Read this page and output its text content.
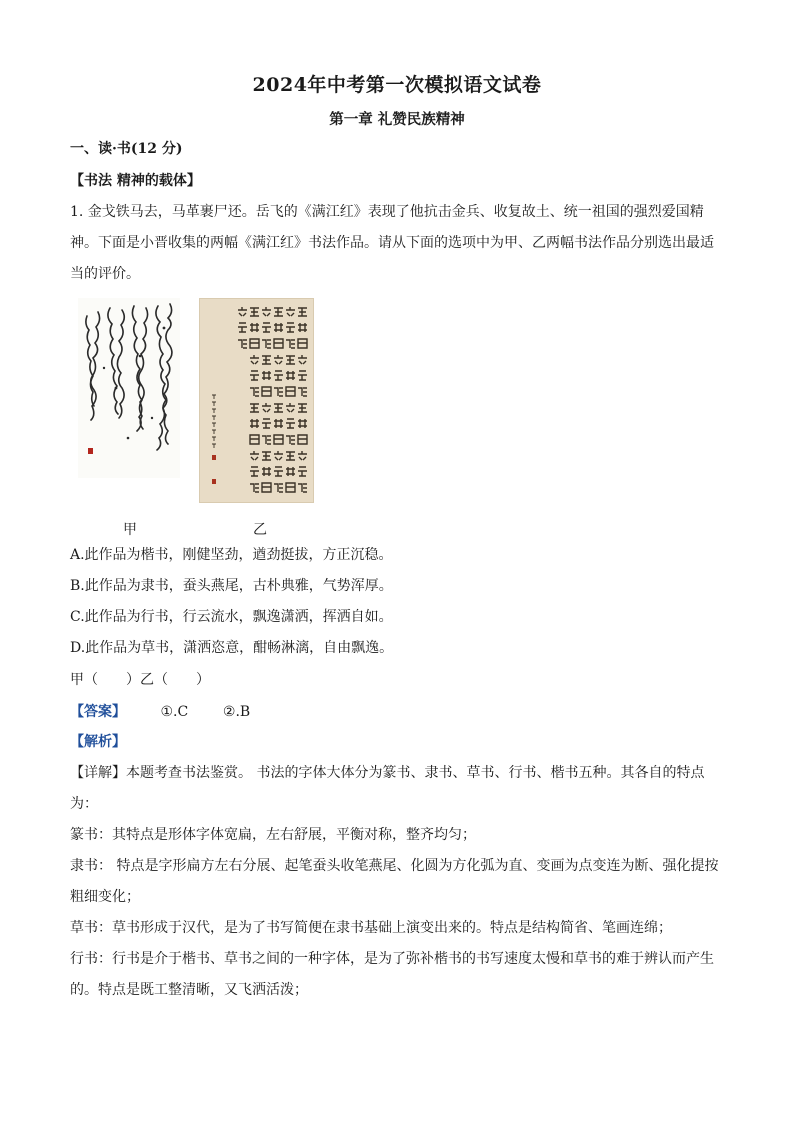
2024年中考第一次模拟语文试卷
第一章 礼赞民族精神
一、读·书(12 分)
【书法 精神的载体】
1. 金戈铁马去，马革裹尸还。岳飞的《满江红》表现了他抗击金兵、收复故土、统一祖国的强烈爱国精
神。下面是小晋收集的两幅《满江红》书法作品。请从下面的选项中为甲、乙两幅书法作品分别选出最适
当的评价。
甲	乙
A.此作品为楷书，刚健坚劲，遒劲挺拔，方正沉稳。
B.此作品为隶书，蚕头燕尾，古朴典雅，气势浑厚。
C.此作品为行书，行云流水，飘逸潇洒，挥洒自如。
D.此作品为草书，潇洒恣意，酣畅淋漓，自由飘逸。
甲（　　）乙（　　）
【答案】 ①.C ②.B
【解析】
【详解】本题考查书法鉴赏。 书法的字体大体分为篆书、隶书、草书、行书、楷书五种。其各自的特点
为：
篆书：其特点是形体字体宽扁，左右舒展，平衡对称，整齐均匀；
隶书： 特点是字形扁方左右分展、起笔蚕头收笔燕尾、化圆为方化弧为直、变画为点变连为断、强化提按
粗细变化；
草书：草书形成于汉代，是为了书写简便在隶书基础上演变出来的。特点是结构简省、笔画连绵；
行书：行书是介于楷书、草书之间的一种字体，是为了弥补楷书的书写速度太慢和草书的难于辨认而产生
的。特点是既工整清晰，又飞洒活泼；
